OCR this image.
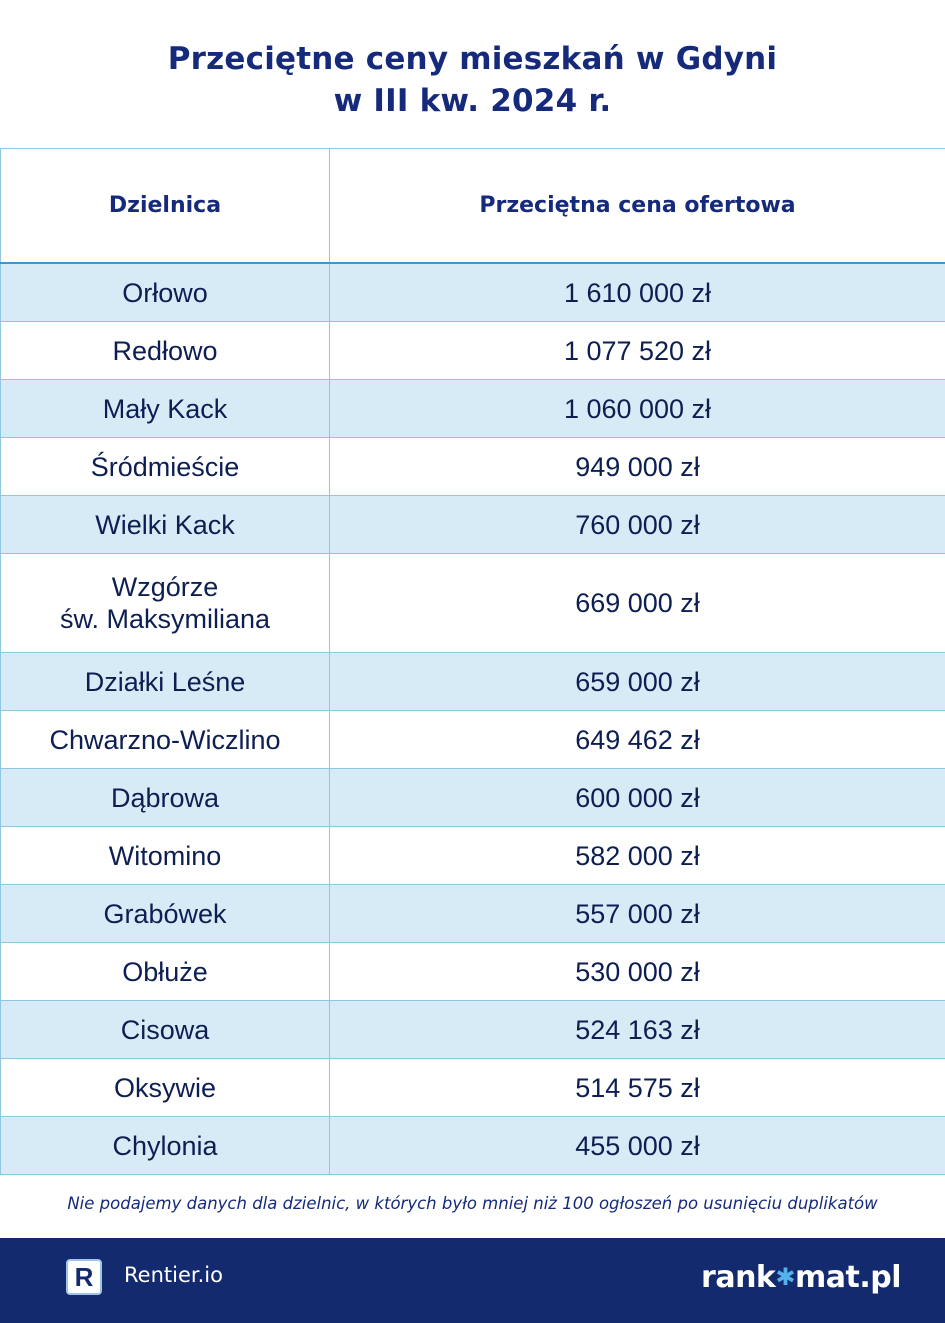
Przeciętne ceny mieszkań w Gdyni
w III kw. 2024 r.
Dzielnica	Przeciętna cena ofertowa
Orłowo	1 610 000 zł
Redłowo	1 077 520 zł
Mały Kack	1 060 000 zł
Śródmieście	949 000 zł
Wielki Kack	760 000 zł

Wzgórze
św. Maksymiliana	669 000 zł
Działki Leśne	659 000 zł
Chwarzno-Wiczlino	649 462 zł
Dąbrowa	600 000 zł
Witomino	582 000 zł
Grabówek	557 000 zł
Obłuże	530 000 zł
Cisowa	524 163 zł
Oksywie	514 575 zł
Chylonia	455 000 zł
Nie podajemy danych dla dzielnic, w których było mniej niż 100 ogłoszeń po usunięciu duplikatów
R	Rentier.io	rank✱mat.pl
